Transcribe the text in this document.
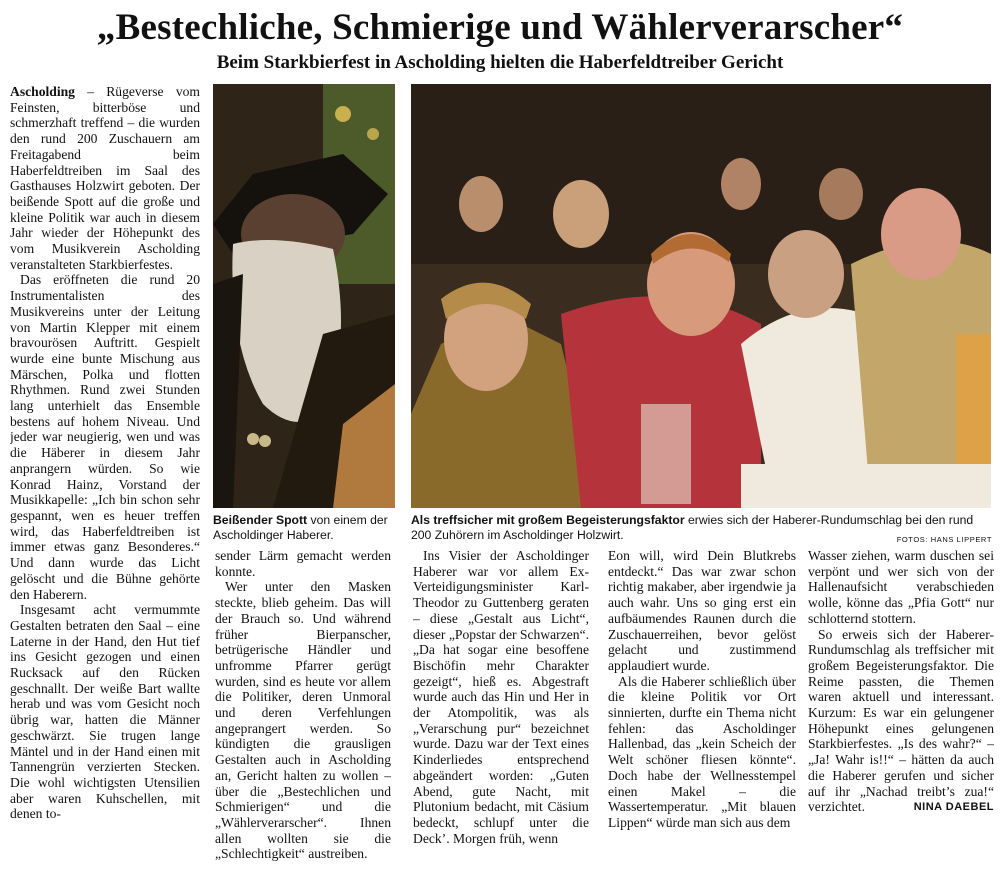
„Bestechliche, Schmierige und Wählerverarscher“
Beim Starkbierfest in Ascholding hielten die Haberfeldtreiber Gericht

Ascholding – Rügeverse vom Feinsten, bitterböse und schmerzhaft treffend – die wurden den rund 200 Zuschauern am Freitagabend beim Haberfeldtreiben im Saal des Gasthauses Holzwirt geboten. Der beißende Spott auf die große und kleine Politik war auch in diesem Jahr wieder der Höhepunkt des vom Musikverein Ascholding veranstalteten Starkbierfestes.

Das eröffneten die rund 20 Instrumentalisten des Musikvereins unter der Leitung von Martin Klepper mit einem bravourösen Auftritt. Gespielt wurde eine bunte Mischung aus Märschen, Polka und flotten Rhythmen. Rund zwei Stunden lang unterhielt das Ensemble bestens auf hohem Niveau. Und jeder war neugierig, wen und was die Häberer in diesem Jahr anprangern würden. So wie Konrad Hainz, Vorstand der Musikkapelle: „Ich bin schon sehr gespannt, wen es heuer treffen wird, das Haberfeldtreiben ist immer etwas ganz Besonderes.“ Und dann wurde das Licht gelöscht und die Bühne gehörte den Haberern.

Insgesamt acht vermummte Gestalten betraten den Saal – eine Laterne in der Hand, den Hut tief ins Gesicht gezogen und einen Rucksack auf den Rücken geschnallt. Der weiße Bart wallte herab und was vom Gesicht noch übrig war, hatten die Männer geschwärzt. Sie trugen lange Mäntel und in der Hand einen mit Tannengrün verzierten Stecken. Die wohl wichtigsten Utensilien aber waren Kuhschellen, mit denen to-

Beißender Spott von einem der Ascholdinger Haberer.
Als treffsicher mit großem Begeisterungsfaktor erwies sich der Haberer-Rundumschlag bei den rund 200 Zuhörern im Ascholdinger Holzwirt.	FOTOS: HANS LIPPERT

sender Lärm gemacht werden konnte.

Wer unter den Masken steckte, blieb geheim. Das will der Brauch so. Und während früher Bierpanscher, betrügerische Händler und unfromme Pfarrer gerügt wurden, sind es heute vor allem die Politiker, deren Unmoral und deren Verfehlungen angeprangert werden. So kündigten die grausligen Gestalten auch in Ascholding an, Gericht halten zu wollen – über die „Bestechlichen und Schmierigen“ und die „Wählerverarscher“. Ihnen allen wollten sie die „Schlechtigkeit“ austreiben.

Ins Visier der Ascholdinger Haberer war vor allem Ex-Verteidigungsminister Karl-Theodor zu Guttenberg geraten – diese „Gestalt aus Licht“, dieser „Popstar der Schwarzen“. „Da hat sogar eine besoffene Bischöfin mehr Charakter gezeigt“, hieß es. Abgestraft wurde auch das Hin und Her in der Atompolitik, was als „Verarschung pur“ bezeichnet wurde. Dazu war der Text eines Kinderliedes entsprechend abgeändert worden: „Guten Abend, gute Nacht, mit Plutonium bedacht, mit Cäsium bedeckt, schlupf unter die Deck’. Morgen früh, wenn

Eon will, wird Dein Blutkrebs entdeckt.“ Das war zwar schon richtig makaber, aber irgendwie ja auch wahr. Uns so ging erst ein aufbäumendes Raunen durch die Zuschauerreihen, bevor gelöst gelacht und zustimmend applaudiert wurde.

Als die Haberer schließlich über die kleine Politik vor Ort sinnierten, durfte ein Thema nicht fehlen: das Ascholdinger Hallenbad, das „kein Scheich der Welt schöner fliesen könnte“. Doch habe der Wellnesstempel einen Makel – die Wassertemperatur. „Mit blauen Lippen“ würde man sich aus dem

Wasser ziehen, warm duschen sei verpönt und wer sich von der Hallenaufsicht verabschieden wolle, könne das „Pfia Gott“ nur schlotternd stottern.

So erweis sich der Haberer-Rundumschlag als treffsicher mit großem Begeisterungsfaktor. Die Reime passten, die Themen waren aktuell und interessant. Kurzum: Es war ein gelungener Höhepunkt eines gelungenen Starkbierfestes. „Is des wahr?“ – „Ja! Wahr is!!“ – hätten da auch die Haberer gerufen und sicher auf ihr „Nachad treibt’s zua!“ verzichtet.	NINA DAEBEL
